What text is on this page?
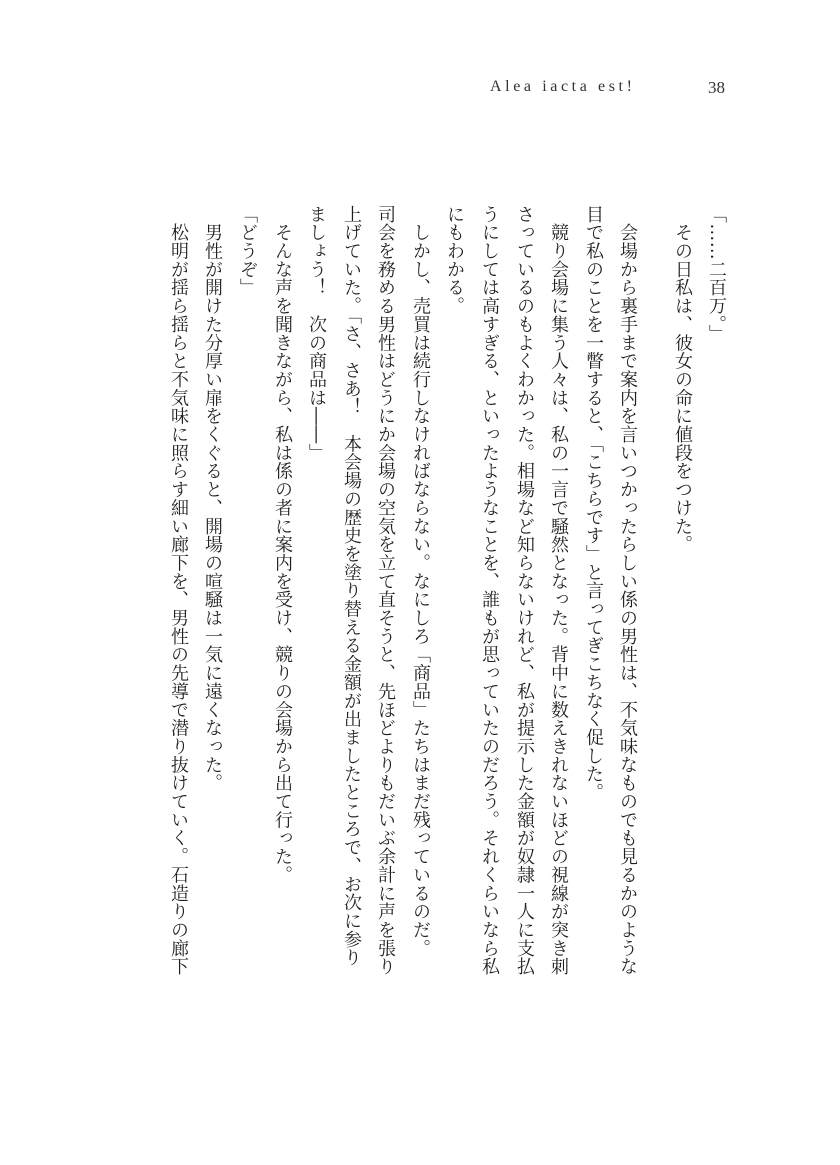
Alea iacta est!	38
「……二百万。」
　その日私は、彼女の命に値段をつけた。
　会場から裏手まで案内を言いつかったらしい係の男性は、不気味なものでも見るかのような
目で私のことを一瞥すると、「こちらです」と言ってぎこちなく促した。
　競り会場に集う人々は、私の一言で騒然となった。背中に数えきれないほどの視線が突き刺
さっているのもよくわかった。相場など知らないけれど、私が提示した金額が奴隷一人に支払
うにしては高すぎる、といったようなことを、誰もが思っていたのだろう。それくらいなら私
にもわかる。
　しかし、売買は続行しなければならない。なにしろ「商品」たちはまだ残っているのだ。
司会を務める男性はどうにか会場の空気を立て直そうと、先ほどよりもだいぶ余計に声を張り
上げていた。「さ、さあ！　本会場の歴史を塗り替える金額が出ましたところで、お次に参り
ましょう！　次の商品は――」
　そんな声を聞きながら、私は係の者に案内を受け、競りの会場から出て行った。
「どうぞ」
　男性が開けた分厚い扉をくぐると、開場の喧騒は一気に遠くなった。
　松明が揺ら揺らと不気味に照らす細い廊下を、男性の先導で潜り抜けていく。石造りの廊下
